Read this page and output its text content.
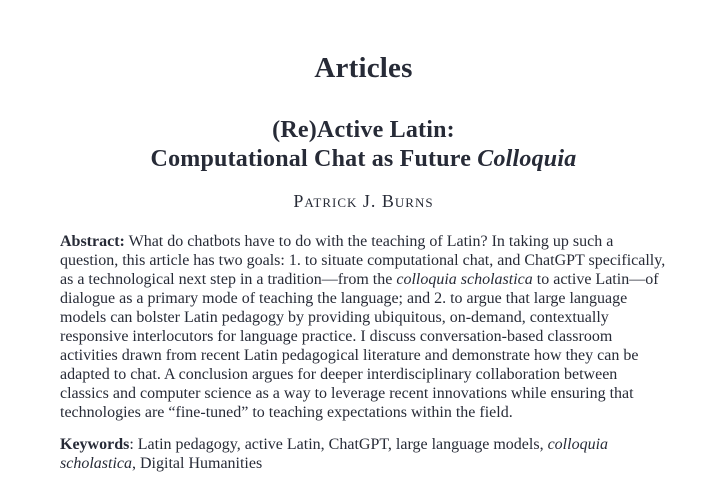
Articles
(Re)Active Latin:
Computational Chat as Future Colloquia
Patrick J. Burns

Abstract: What do chatbots have to do with the teaching of Latin? In taking up such a question, this article has two goals: 1. to situate computational chat, and ChatGPT specifically, as a technological next step in a tradition—from the colloquia scholastica to active Latin—of dialogue as a primary mode of teaching the language; and 2. to argue that large language models can bolster Latin pedagogy by providing ubiquitous, on-demand, contextually responsive interlocutors for language practice. I discuss conversation-based classroom activities drawn from recent Latin pedagogical literature and demonstrate how they can be adapted to chat. A conclusion argues for deeper interdisciplinary collaboration between classics and computer science as a way to leverage recent innovations while ensuring that technologies are “fine-tuned” to teaching expectations within the field.

Keywords: Latin pedagogy, active Latin, ChatGPT, large language models, colloquia scholastica, Digital Humanities
